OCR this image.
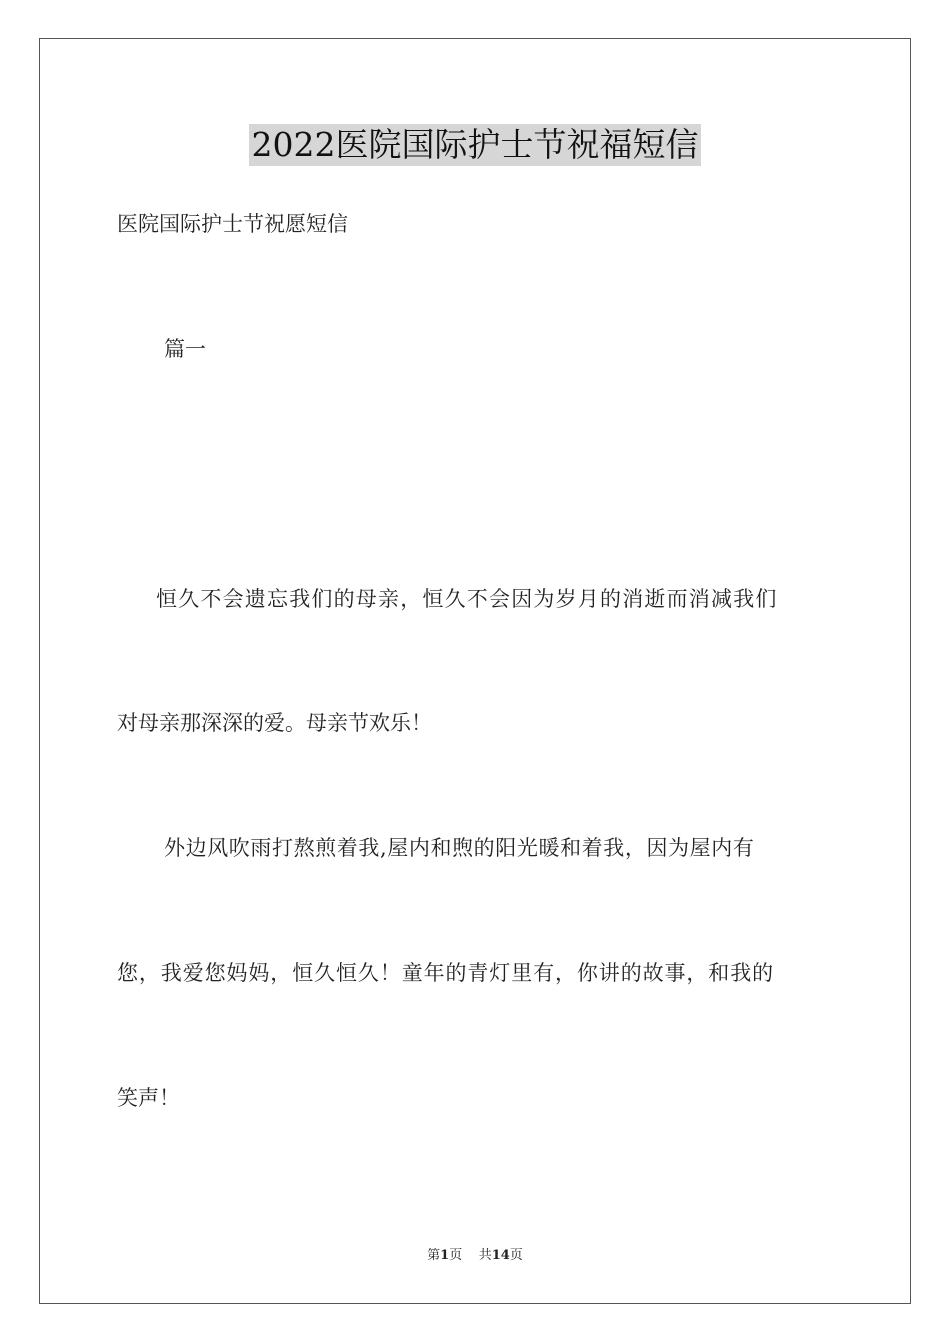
2022医院国际护士节祝福短信
医院国际护士节祝愿短信
篇一
恒久不会遗忘我们的母亲，恒久不会因为岁月的消逝而消减我们
对母亲那深深的爱。母亲节欢乐！
外边风吹雨打熬煎着我,屋内和煦的阳光暖和着我，因为屋内有
您，我爱您妈妈，恒久恒久！童年的青灯里有，你讲的故事，和我的
笑声！
第1页 共14页
